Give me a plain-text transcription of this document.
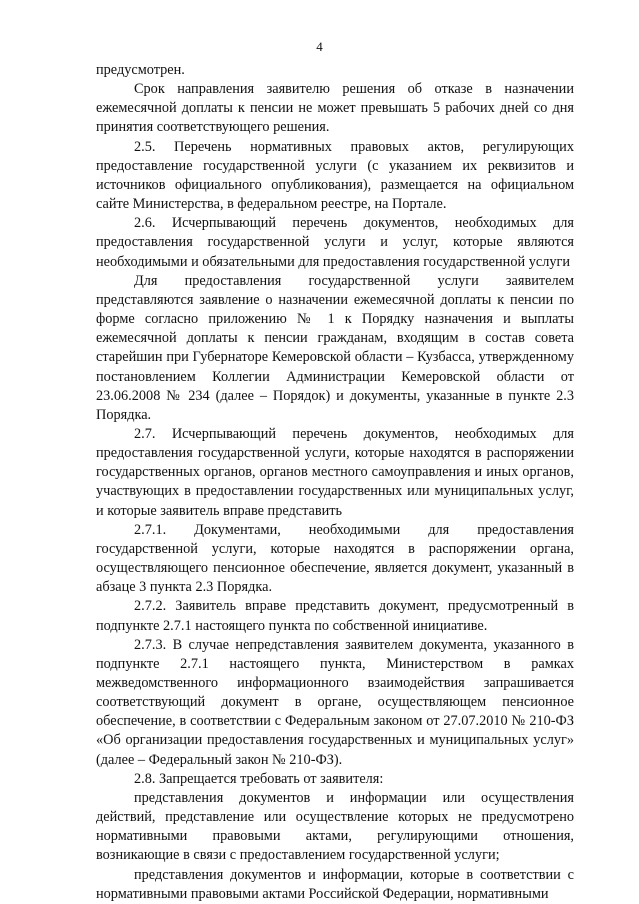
4

предусмотрен.

Срок направления заявителю решения об отказе в назначении ежемесячной доплаты к пенсии не может превышать 5 рабочих дней со дня принятия соответствующего решения.

2.5. Перечень нормативных правовых актов, регулирующих предоставление государственной услуги (с указанием их реквизитов и источников официального опубликования), размещается на официальном сайте Министерства, в федеральном реестре, на Портале.

2.6. Исчерпывающий перечень документов, необходимых для предоставления государственной услуги и услуг, которые являются необходимыми и обязательными для предоставления государственной услуги

Для предоставления государственной услуги заявителем представляются заявление о назначении ежемесячной доплаты к пенсии по форме согласно приложению № 1 к Порядку назначения и выплаты ежемесячной доплаты к пенсии гражданам, входящим в состав совета старейшин при Губернаторе Кемеровской области – Кузбасса, утвержденному постановлением Коллегии Администрации Кемеровской области от 23.06.2008 № 234 (далее – Порядок) и документы, указанные в пункте 2.3 Порядка.

2.7. Исчерпывающий перечень документов, необходимых для предоставления государственной услуги, которые находятся в распоряжении государственных органов, органов местного самоуправления и иных органов, участвующих в предоставлении государственных или муниципальных услуг, и которые заявитель вправе представить

2.7.1. Документами, необходимыми для предоставления государственной услуги, которые находятся в распоряжении органа, осуществляющего пенсионное обеспечение, является документ, указанный в абзаце 3 пункта 2.3 Порядка.

2.7.2. Заявитель вправе представить документ, предусмотренный в подпункте 2.7.1 настоящего пункта по собственной инициативе.

2.7.3. В случае непредставления заявителем документа, указанного в подпункте 2.7.1 настоящего пункта, Министерством в рамках межведомственного информационного взаимодействия запрашивается соответствующий документ в органе, осуществляющем пенсионное обеспечение, в соответствии с Федеральным законом от 27.07.2010 № 210-ФЗ «Об организации предоставления государственных и муниципальных услуг» (далее – Федеральный закон № 210-ФЗ).

2.8. Запрещается требовать от заявителя:

представления документов и информации или осуществления действий, представление или осуществление которых не предусмотрено нормативными правовыми актами, регулирующими отношения, возникающие в связи с предоставлением государственной услуги;

представления документов и информации, которые в соответствии с нормативными правовыми актами Российской Федерации, нормативными
